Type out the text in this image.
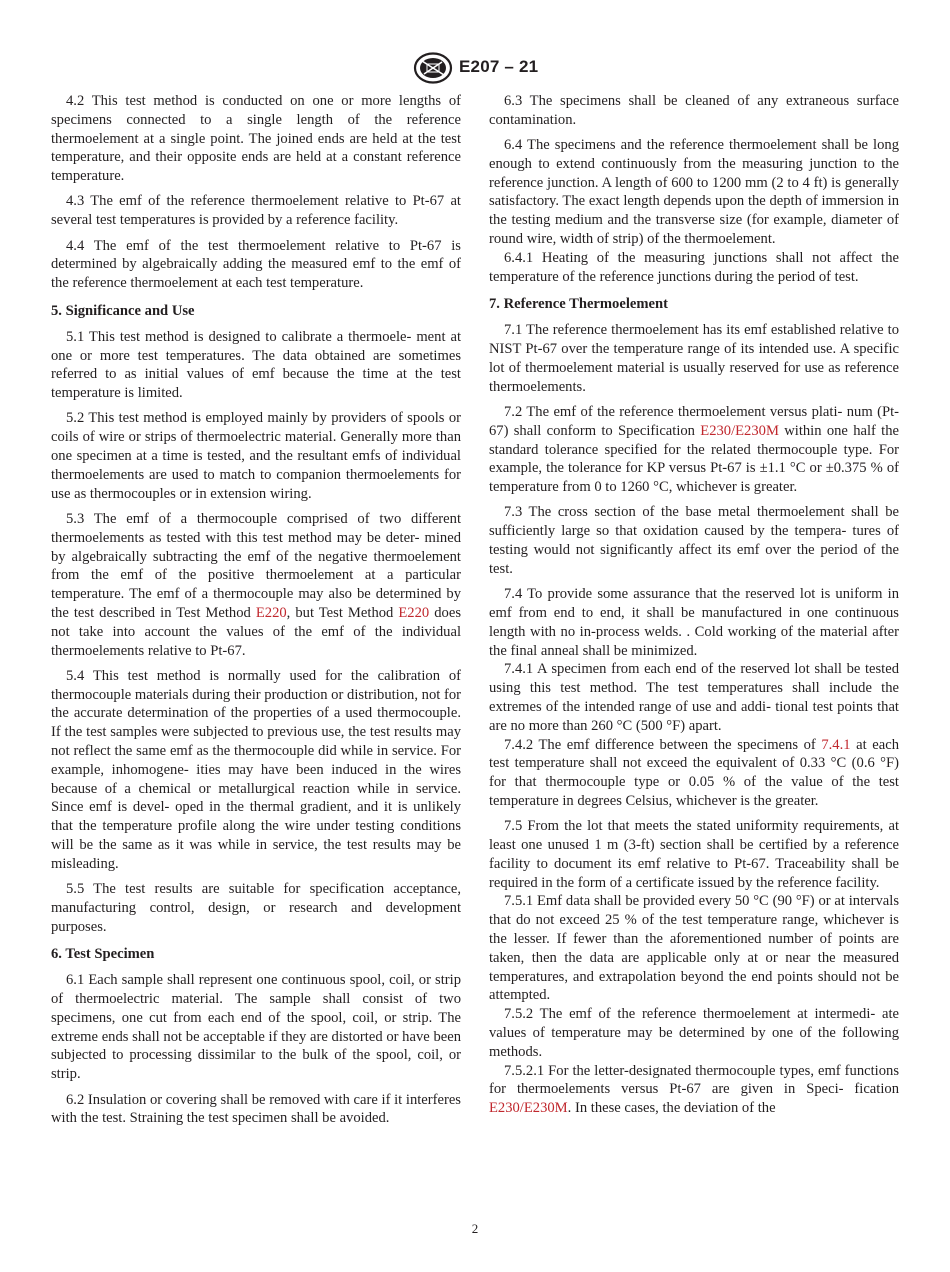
E207 – 21

4.2 This test method is conducted on one or more lengths of specimens connected to a single length of the reference thermoelement at a single point. The joined ends are held at the test temperature, and their opposite ends are held at a constant reference temperature.

4.3 The emf of the reference thermoelement relative to Pt-67 at several test temperatures is provided by a reference facility.

4.4 The emf of the test thermoelement relative to Pt-67 is determined by algebraically adding the measured emf to the emf of the reference thermoelement at each test temperature.

5. Significance and Use

5.1 This test method is designed to calibrate a thermoele- ment at one or more test temperatures. The data obtained are sometimes referred to as initial values of emf because the time at the test temperature is limited.

5.2 This test method is employed mainly by providers of spools or coils of wire or strips of thermoelectric material. Generally more than one specimen at a time is tested, and the resultant emfs of individual thermoelements are used to match to companion thermoelements for use as thermocouples or in extension wiring.

5.3 The emf of a thermocouple comprised of two different thermoelements as tested with this test method may be deter- mined by algebraically subtracting the emf of the negative thermoelement from the emf of the positive thermoelement at a particular temperature. The emf of a thermocouple may also be determined by the test described in Test Method E220, but Test Method E220 does not take into account the values of the emf of the individual thermoelements relative to Pt-67.

5.4 This test method is normally used for the calibration of thermocouple materials during their production or distribution, not for the accurate determination of the properties of a used thermocouple. If the test samples were subjected to previous use, the test results may not reflect the same emf as the thermocouple did while in service. For example, inhomogene- ities may have been induced in the wires because of a chemical or metallurgical reaction while in service. Since emf is devel- oped in the thermal gradient, and it is unlikely that the temperature profile along the wire under testing conditions will be the same as it was while in service, the test results may be misleading.

5.5 The test results are suitable for specification acceptance, manufacturing control, design, or research and development purposes.

6. Test Specimen

6.1 Each sample shall represent one continuous spool, coil, or strip of thermoelectric material. The sample shall consist of two specimens, one cut from each end of the spool, coil, or strip. The extreme ends shall not be acceptable if they are distorted or have been subjected to processing dissimilar to the bulk of the spool, coil, or strip.

6.2 Insulation or covering shall be removed with care if it interferes with the test. Straining the test specimen shall be avoided.

6.3 The specimens shall be cleaned of any extraneous surface contamination.

6.4 The specimens and the reference thermoelement shall be long enough to extend continuously from the measuring junction to the reference junction. A length of 600 to 1200 mm (2 to 4 ft) is generally satisfactory. The exact length depends upon the depth of immersion in the testing medium and the transverse size (for example, diameter of round wire, width of strip) of the thermoelement.

6.4.1 Heating of the measuring junctions shall not affect the temperature of the reference junctions during the period of test.

7. Reference Thermoelement

7.1 The reference thermoelement has its emf established relative to NIST Pt-67 over the temperature range of its intended use. A specific lot of thermoelement material is usually reserved for use as reference thermoelements.

7.2 The emf of the reference thermoelement versus plati- num (Pt-67) shall conform to Specification E230/E230M within one half the standard tolerance specified for the related thermocouple type. For example, the tolerance for KP versus Pt-67 is ±1.1 °C or ±0.375 % of temperature from 0 to 1260 °C, whichever is greater.

7.3 The cross section of the base metal thermoelement shall be sufficiently large so that oxidation caused by the tempera- tures of testing would not significantly affect its emf over the period of the test.

7.4 To provide some assurance that the reserved lot is uniform in emf from end to end, it shall be manufactured in one continuous length with no in-process welds. . Cold working of the material after the final anneal shall be minimized.

7.4.1 A specimen from each end of the reserved lot shall be tested using this test method. The test temperatures shall include the extremes of the intended range of use and addi- tional test points that are no more than 260 °C (500 °F) apart.

7.4.2 The emf difference between the specimens of 7.4.1 at each test temperature shall not exceed the equivalent of 0.33 °C (0.6 °F) for that thermocouple type or 0.05 % of the value of the test temperature in degrees Celsius, whichever is the greater.

7.5 From the lot that meets the stated uniformity requirements, at least one unused 1 m (3-ft) section shall be certified by a reference facility to document its emf relative to Pt-67. Traceability shall be required in the form of a certificate issued by the reference facility.

7.5.1 Emf data shall be provided every 50 °C (90 °F) or at intervals that do not exceed 25 % of the test temperature range, whichever is the lesser. If fewer than the aforementioned number of points are taken, then the data are applicable only at or near the measured temperatures, and extrapolation beyond the end points should not be attempted.

7.5.2 The emf of the reference thermoelement at intermedi- ate values of temperature may be determined by one of the following methods.

7.5.2.1 For the letter-designated thermocouple types, emf functions for thermoelements versus Pt-67 are given in Speci- fication E230/E230M. In these cases, the deviation of the

2
